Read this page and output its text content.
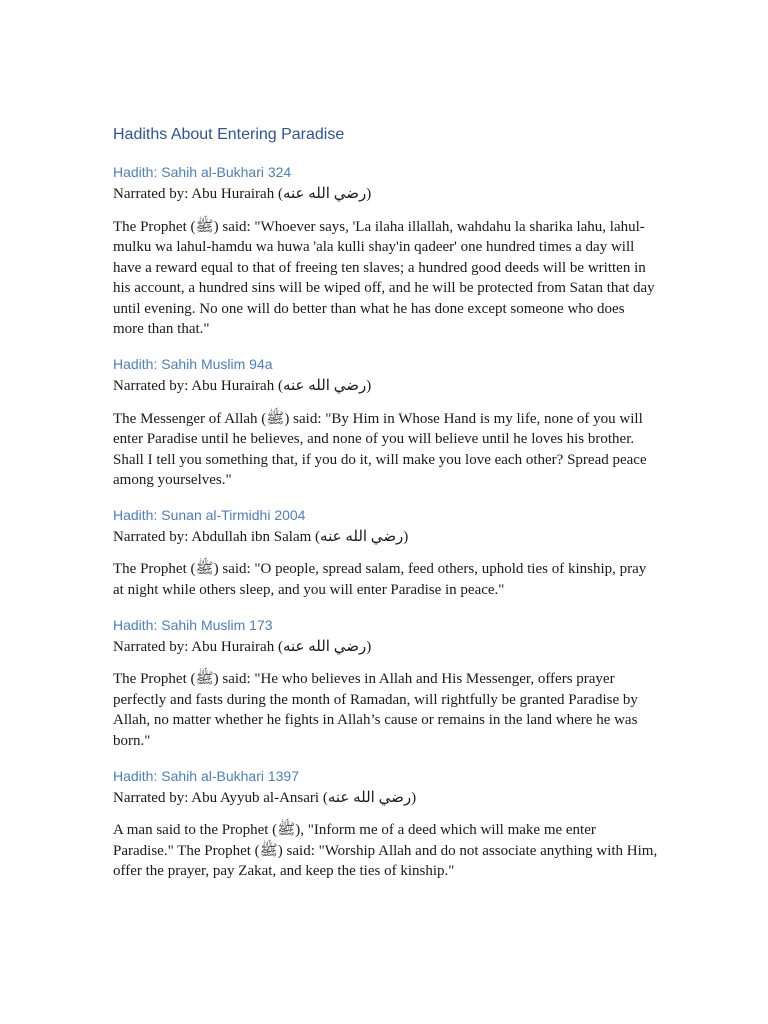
Hadiths About Entering Paradise
Hadith: Sahih al-Bukhari 324

Narrated by: Abu Hurairah (رضي الله عنه)

The Prophet (ﷺ) said: "Whoever says, 'La ilaha illallah, wahdahu la sharika lahu, lahul-mulku wa lahul-hamdu wa huwa 'ala kulli shay'in qadeer' one hundred times a day will have a reward equal to that of freeing ten slaves; a hundred good deeds will be written in his account, a hundred sins will be wiped off, and he will be protected from Satan that day until evening. No one will do better than what he has done except someone who does more than that."

Hadith: Sahih Muslim 94a

Narrated by: Abu Hurairah (رضي الله عنه)

The Messenger of Allah (ﷺ) said: "By Him in Whose Hand is my life, none of you will enter Paradise until he believes, and none of you will believe until he loves his brother. Shall I tell you something that, if you do it, will make you love each other? Spread peace among yourselves."

Hadith: Sunan al-Tirmidhi 2004

Narrated by: Abdullah ibn Salam (رضي الله عنه)

The Prophet (ﷺ) said: "O people, spread salam, feed others, uphold ties of kinship, pray at night while others sleep, and you will enter Paradise in peace."

Hadith: Sahih Muslim 173

Narrated by: Abu Hurairah (رضي الله عنه)

The Prophet (ﷺ) said: "He who believes in Allah and His Messenger, offers prayer perfectly and fasts during the month of Ramadan, will rightfully be granted Paradise by Allah, no matter whether he fights in Allah’s cause or remains in the land where he was born."

Hadith: Sahih al-Bukhari 1397

Narrated by: Abu Ayyub al-Ansari (رضي الله عنه)

A man said to the Prophet (ﷺ), "Inform me of a deed which will make me enter Paradise." The Prophet (ﷺ) said: "Worship Allah and do not associate anything with Him, offer the prayer, pay Zakat, and keep the ties of kinship."
